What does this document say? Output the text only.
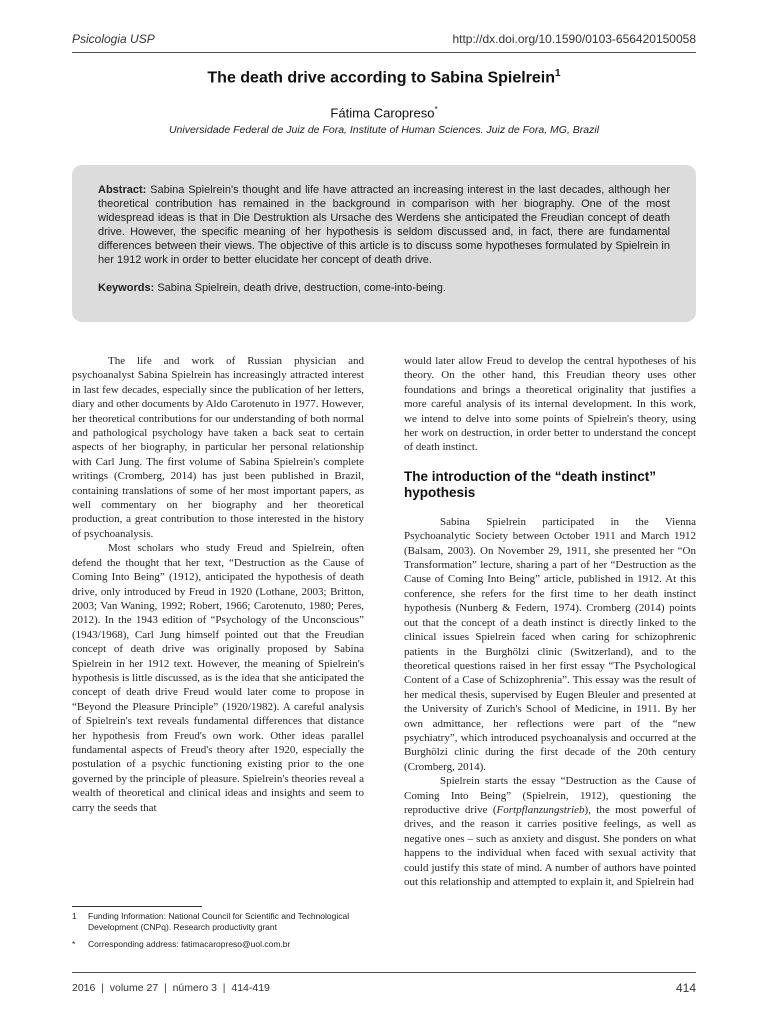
Psicologia USP	http://dx.doi.org/10.1590/0103-656420150058
The death drive according to Sabina Spielrein$^1$
Fátima Caropreso*
Universidade Federal de Juiz de Fora, Institute of Human Sciences. Juiz de Fora, MG, Brazil
Abstract: Sabina Spielrein's thought and life have attracted an increasing interest in the last decades, although her theoretical contribution has remained in the background in comparison with her biography. One of the most widespread ideas is that in Die Destruktion als Ursache des Werdens she anticipated the Freudian concept of death drive. However, the specific meaning of her hypothesis is seldom discussed and, in fact, there are fundamental differences between their views. The objective of this article is to discuss some hypotheses formulated by Spielrein in her 1912 work in order to better elucidate her concept of death drive.
Keywords: Sabina Spielrein, death drive, destruction, come-into-being.

The life and work of Russian physician and psychoanalyst Sabina Spielrein has increasingly attracted interest in last few decades, especially since the publication of her letters, diary and other documents by Aldo Carotenuto in 1977. However, her theoretical contributions for our understanding of both normal and pathological psychology have taken a back seat to certain aspects of her biography, in particular her personal relationship with Carl Jung. The first volume of Sabina Spielrein's complete writings (Cromberg, 2014) has just been published in Brazil, containing translations of some of her most important papers, as well commentary on her biography and her theoretical production, a great contribution to those interested in the history of psychoanalysis.

Most scholars who study Freud and Spielrein, often defend the thought that her text, “Destruction as the Cause of Coming Into Being” (1912), anticipated the hypothesis of death drive, only introduced by Freud in 1920 (Lothane, 2003; Britton, 2003; Van Waning, 1992; Robert, 1966; Carotenuto, 1980; Peres, 2012). In the 1943 edition of “Psychology of the Unconscious” (1943/1968), Carl Jung himself pointed out that the Freudian concept of death drive was originally proposed by Sabina Spielrein in her 1912 text. However, the meaning of Spielrein's hypothesis is little discussed, as is the idea that she anticipated the concept of death drive Freud would later come to propose in “Beyond the Pleasure Principle” (1920/1982). A careful analysis of Spielrein's text reveals fundamental differences that distance her hypothesis from Freud's own work. Other ideas parallel fundamental aspects of Freud's theory after 1920, especially the postulation of a psychic functioning existing prior to the one governed by the principle of pleasure. Spielrein's theories reveal a wealth of theoretical and clinical ideas and insights and seem to carry the seeds that

would later allow Freud to develop the central hypotheses of his theory. On the other hand, this Freudian theory uses other foundations and brings a theoretical originality that justifies a more careful analysis of its internal development. In this work, we intend to delve into some points of Spielrein's theory, using her work on destruction, in order better to understand the concept of death instinct.

The introduction of the “death instinct” hypothesis

Sabina Spielrein participated in the Vienna Psychoanalytic Society between October 1911 and March 1912 (Balsam, 2003). On November 29, 1911, she presented her “On Transformation” lecture, sharing a part of her “Destruction as the Cause of Coming Into Being” article, published in 1912. At this conference, she refers for the first time to her death instinct hypothesis (Nunberg & Federn, 1974). Cromberg (2014) points out that the concept of a death instinct is directly linked to the clinical issues Spielrein faced when caring for schizophrenic patients in the Burghölzi clinic (Switzerland), and to the theoretical questions raised in her first essay “The Psychological Content of a Case of Schizophrenia”. This essay was the result of her medical thesis, supervised by Eugen Bleuler and presented at the University of Zurich's School of Medicine, in 1911. By her own admittance, her reflections were part of the “new psychiatry”, which introduced psychoanalysis and occurred at the Burghölzi clinic during the first decade of the 20th century (Cromberg, 2014).

Spielrein starts the essay “Destruction as the Cause of Coming Into Being” (Spielrein, 1912), questioning the reproductive drive (Fortpflanzungstrieb), the most powerful of drives, and the reason it carries positive feelings, as well as negative ones – such as anxiety and disgust. She ponders on what happens to the individual when faced with sexual activity that could justify this state of mind. A number of authors have pointed out this relationship and attempted to explain it, and Spielrein had

1	Funding Information: National Council for Scientific and Technological Development (CNPq). Research productivity grant
*	Corresponding address: fatimacaropreso@uol.com.br
2016  |  volume 27  |  número 3  |  414-419	414
